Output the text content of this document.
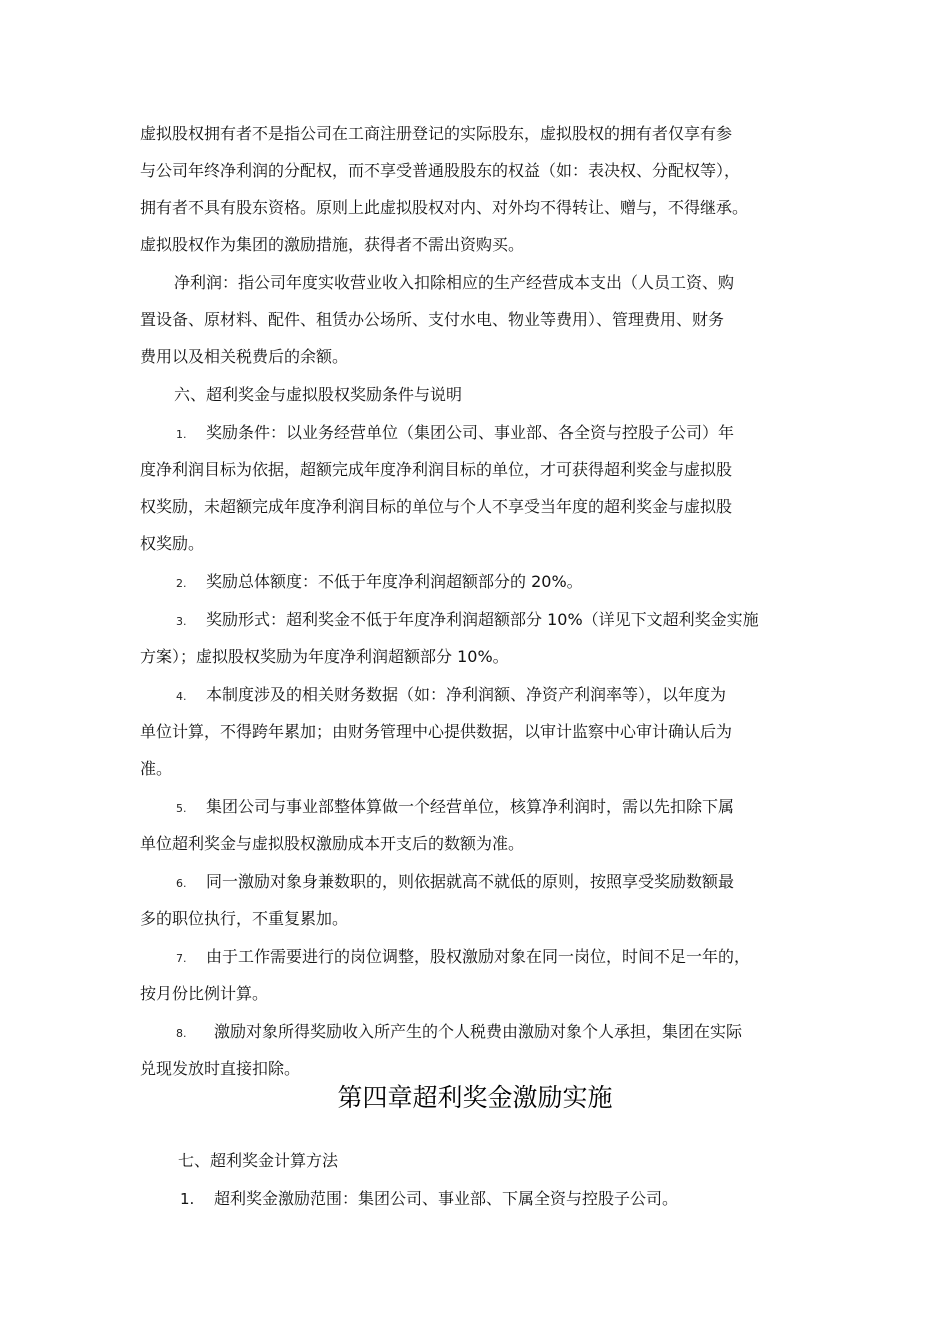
虚拟股权拥有者不是指公司在工商注册登记的实际股东，虚拟股权的拥有者仅享有参
与公司年终净利润的分配权，而不享受普通股股东的权益（如：表决权、分配权等），
拥有者不具有股东资格。原则上此虚拟股权对内、对外均不得转让、赠与，不得继承。
虚拟股权作为集团的激励措施，获得者不需出资购买。
净利润：指公司年度实收营业收入扣除相应的生产经营成本支出（人员工资、购
置设备、原材料、配件、租赁办公场所、支付水电、物业等费用）、管理费用、财务
费用以及相关税费后的余额。
六、超利奖金与虚拟股权奖励条件与说明
1. 奖励条件：以业务经营单位（集团公司、事业部、各全资与控股子公司）年
度净利润目标为依据，超额完成年度净利润目标的单位，才可获得超利奖金与虚拟股
权奖励，未超额完成年度净利润目标的单位与个人不享受当年度的超利奖金与虚拟股
权奖励。
2. 奖励总体额度：不低于年度净利润超额部分的 20%。
3. 奖励形式：超利奖金不低于年度净利润超额部分 10%（详见下文超利奖金实施
方案）；虚拟股权奖励为年度净利润超额部分 10%。
4. 本制度涉及的相关财务数据（如：净利润额、净资产利润率等），以年度为
单位计算，不得跨年累加；由财务管理中心提供数据，以审计监察中心审计确认后为
准。
5. 集团公司与事业部整体算做一个经营单位，核算净利润时，需以先扣除下属
单位超利奖金与虚拟股权激励成本开支后的数额为准。
6. 同一激励对象身兼数职的，则依据就高不就低的原则，按照享受奖励数额最
多的职位执行，不重复累加。
7. 由于工作需要进行的岗位调整，股权激励对象在同一岗位，时间不足一年的，
按月份比例计算。
8. 激励对象所得奖励收入所产生的个人税费由激励对象个人承担，集团在实际
兑现发放时直接扣除。
第四章超利奖金激励实施
七、超利奖金计算方法
1. 超利奖金激励范围：集团公司、事业部、下属全资与控股子公司。
